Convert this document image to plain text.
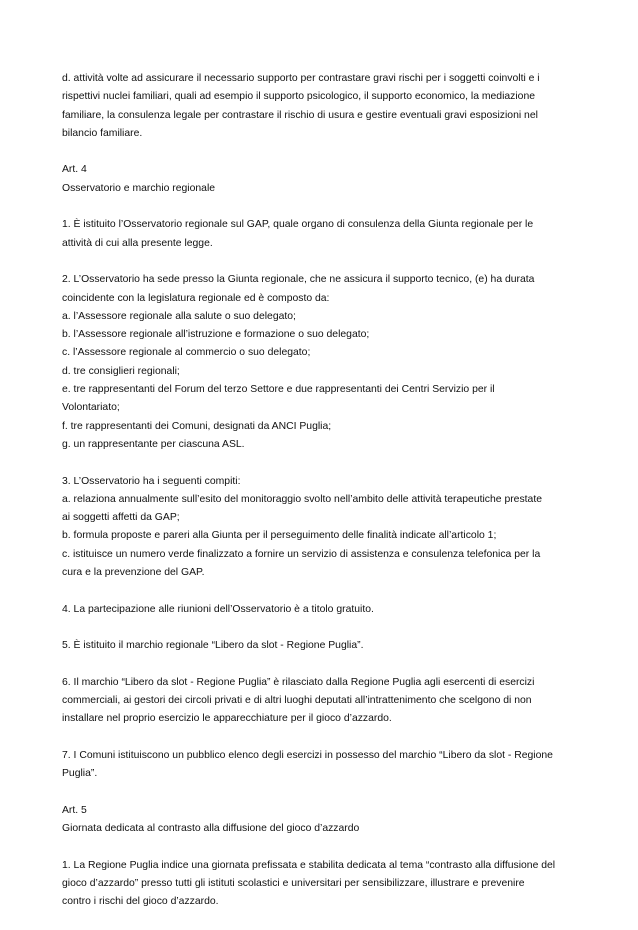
d. attività volte ad assicurare il necessario supporto per contrastare gravi rischi per i soggetti coinvolti e i
rispettivi nuclei familiari, quali ad esempio il supporto psicologico, il supporto economico, la mediazione
familiare, la consulenza legale per contrastare il rischio di usura e gestire eventuali gravi esposizioni nel
bilancio familiare.
Art. 4
Osservatorio e marchio regionale
1. È istituito l’Osservatorio regionale sul GAP, quale organo di consulenza della Giunta regionale per le
attività di cui alla presente legge.
2. L’Osservatorio ha sede presso la Giunta regionale, che ne assicura il supporto tecnico, (e) ha durata
coincidente con la legislatura regionale ed è composto da:
a. l’Assessore regionale alla salute o suo delegato;
b. l’Assessore regionale all’istruzione e formazione o suo delegato;
c. l’Assessore regionale al commercio o suo delegato;
d. tre consiglieri regionali;
e. tre rappresentanti del Forum del terzo Settore e due rappresentanti dei Centri Servizio per il
Volontariato;
f. tre rappresentanti dei Comuni, designati da ANCI Puglia;
g. un rappresentante per ciascuna ASL.
3. L’Osservatorio ha i seguenti compiti:
a. relaziona annualmente sull’esito del monitoraggio svolto nell’ambito delle attività terapeutiche prestate
ai soggetti affetti da GAP;
b. formula proposte e pareri alla Giunta per il perseguimento delle finalità indicate all’articolo 1;
c. istituisce un numero verde finalizzato a fornire un servizio di assistenza e consulenza telefonica per la
cura e la prevenzione del GAP.
4. La partecipazione alle riunioni dell’Osservatorio è a titolo gratuito.
5. È istituito il marchio regionale “Libero da slot - Regione Puglia”.
6. Il marchio “Libero da slot - Regione Puglia” è rilasciato dalla Regione Puglia agli esercenti di esercizi
commerciali, ai gestori dei circoli privati e di altri luoghi deputati all’intrattenimento che scelgono di non
installare nel proprio esercizio le apparecchiature per il gioco d’azzardo.
7. I Comuni istituiscono un pubblico elenco degli esercizi in possesso del marchio “Libero da slot - Regione
Puglia”.
Art. 5
Giornata dedicata al contrasto alla diffusione del gioco d’azzardo
1. La Regione Puglia indice una giornata prefissata e stabilita dedicata al tema “contrasto alla diffusione del
gioco d’azzardo” presso tutti gli istituti scolastici e universitari per sensibilizzare, illustrare e prevenire
contro i rischi del gioco d’azzardo.
